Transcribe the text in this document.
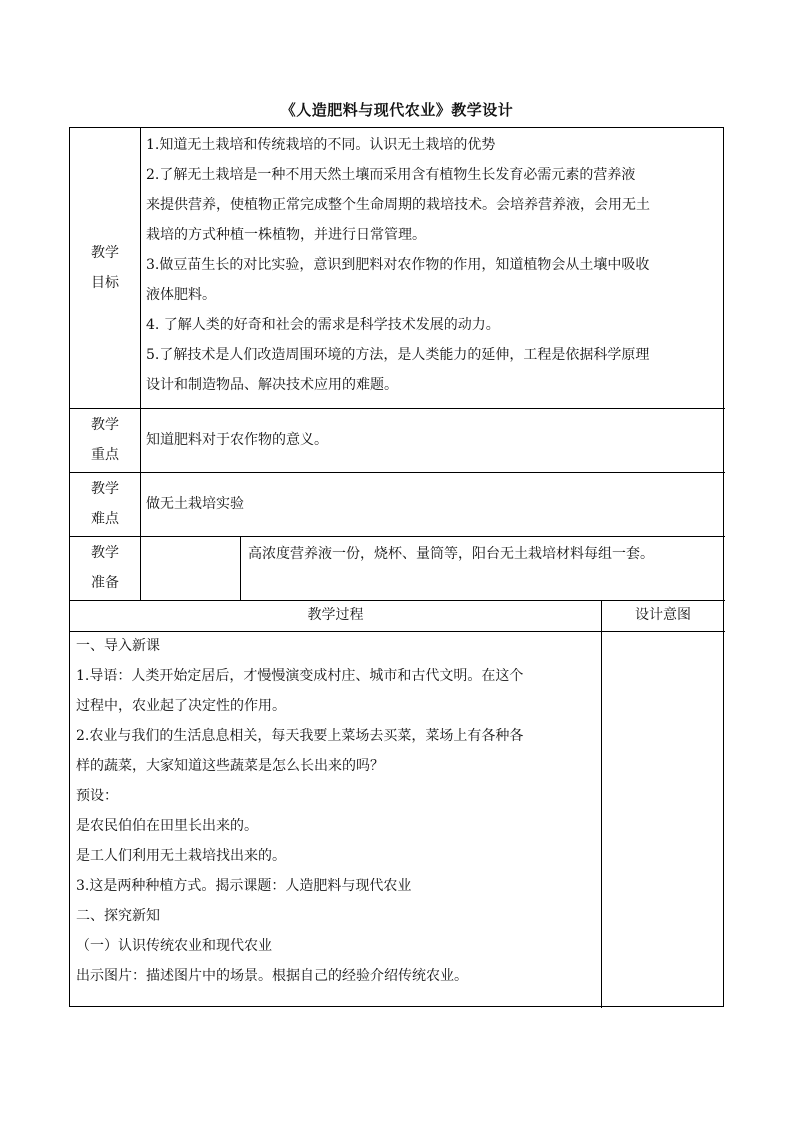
《人造肥料与现代农业》教学设计
教学
目标

1.知道无土栽培和传统栽培的不同。认识无土栽培的优势

2.了解无土栽培是一种不用天然土壤而采用含有植物生长发育必需元素的营养液

来提供营养，使植物正常完成整个生命周期的栽培技术。会培养营养液，会用无土

栽培的方式种植一株植物，并进行日常管理。

3.做豆苗生长的对比实验，意识到肥料对农作物的作用，知道植物会从土壤中吸收

液体肥料。

4. 了解人类的好奇和社会的需求是科学技术发展的动力。

5.了解技术是人们改造周围环境的方法，是人类能力的延伸，工程是依据科学原理

设计和制造物品、解决技术应用的难题。

教学
重点

知道肥料对于农作物的意义。

教学
难点

做无土栽培实验

教学
准备

高浓度营养液一份，烧杯、量筒等，阳台无土栽培材料每组一套。

教学过程	设计意图

一、导入新课

1.导语：人类开始定居后，才慢慢演变成村庄、城市和古代文明。在这个

过程中，农业起了决定性的作用。

2.农业与我们的生活息息相关，每天我要上菜场去买菜，菜场上有各种各

样的蔬菜，大家知道这些蔬菜是怎么长出来的吗？

预设：

是农民伯伯在田里长出来的。

是工人们利用无土栽培找出来的。

3.这是两种种植方式。揭示课题：人造肥料与现代农业

二、探究新知

（一）认识传统农业和现代农业

出示图片：描述图片中的场景。根据自己的经验介绍传统农业。
